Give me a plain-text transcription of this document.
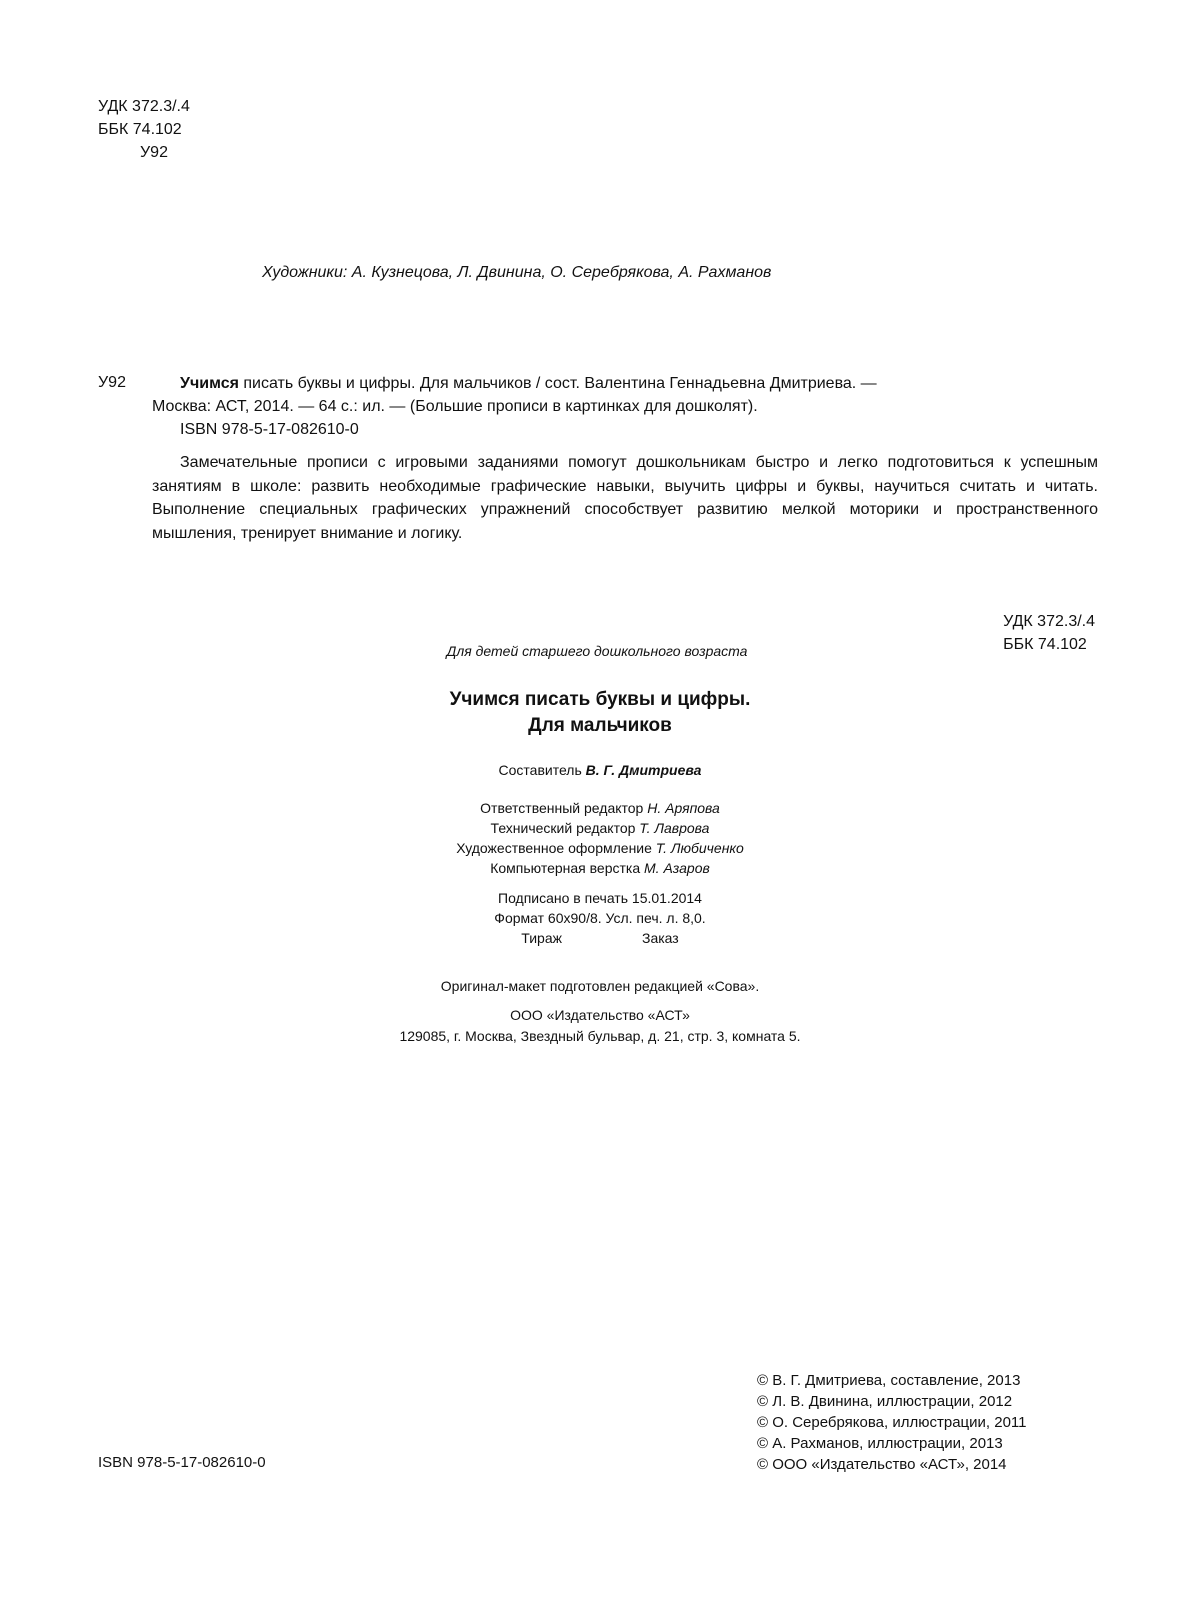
УДК 372.3/.4
ББК 74.102
У92
Художники: А. Кузнецова, Л. Двинина, О. Серебрякова, А. Рахманов
У92	Учимся писать буквы и цифры. Для мальчиков / сост. Валентина Геннадьевна Дмитриева. —
Москва: АСТ, 2014. — 64 с.: ил. — (Большие прописи в картинках для дошколят).
ISBN 978-5-17-082610-0

Замечательные прописи с игровыми заданиями помогут дошкольникам быстро и легко подготовиться к успешным занятиям в школе: развить необходимые графические навыки, выучить цифры и буквы, научиться считать и читать. Выполнение специальных графических упражнений способствует развитию мелкой моторики и пространственного мышления, тренирует внимание и логику.

УДК 372.3/.4
ББК 74.102
Для детей старшего дошкольного возраста
Учимся писать буквы и цифры.
Для мальчиков
Составитель В. Г. Дмитриева
Ответственный редактор Н. Аряпова
Технический редактор Т. Лаврова
Художественное оформление Т. Любиченко
Компьютерная верстка М. Азаров
Подписано в печать 15.01.2014
Формат 60x90/8. Усл. печ. л. 8,0.
Тираж	Заказ
Оригинал-макет подготовлен редакцией «Сова».
ООО «Издательство «АСТ»
129085, г. Москва, Звездный бульвар, д. 21, стр. 3, комната 5.
© В. Г. Дмитриева, составление, 2013
© Л. В. Двинина, иллюстрации, 2012
© О. Серебрякова, иллюстрации, 2011
© А. Рахманов, иллюстрации, 2013
© ООО «Издательство «АСТ», 2014
ISBN 978-5-17-082610-0
